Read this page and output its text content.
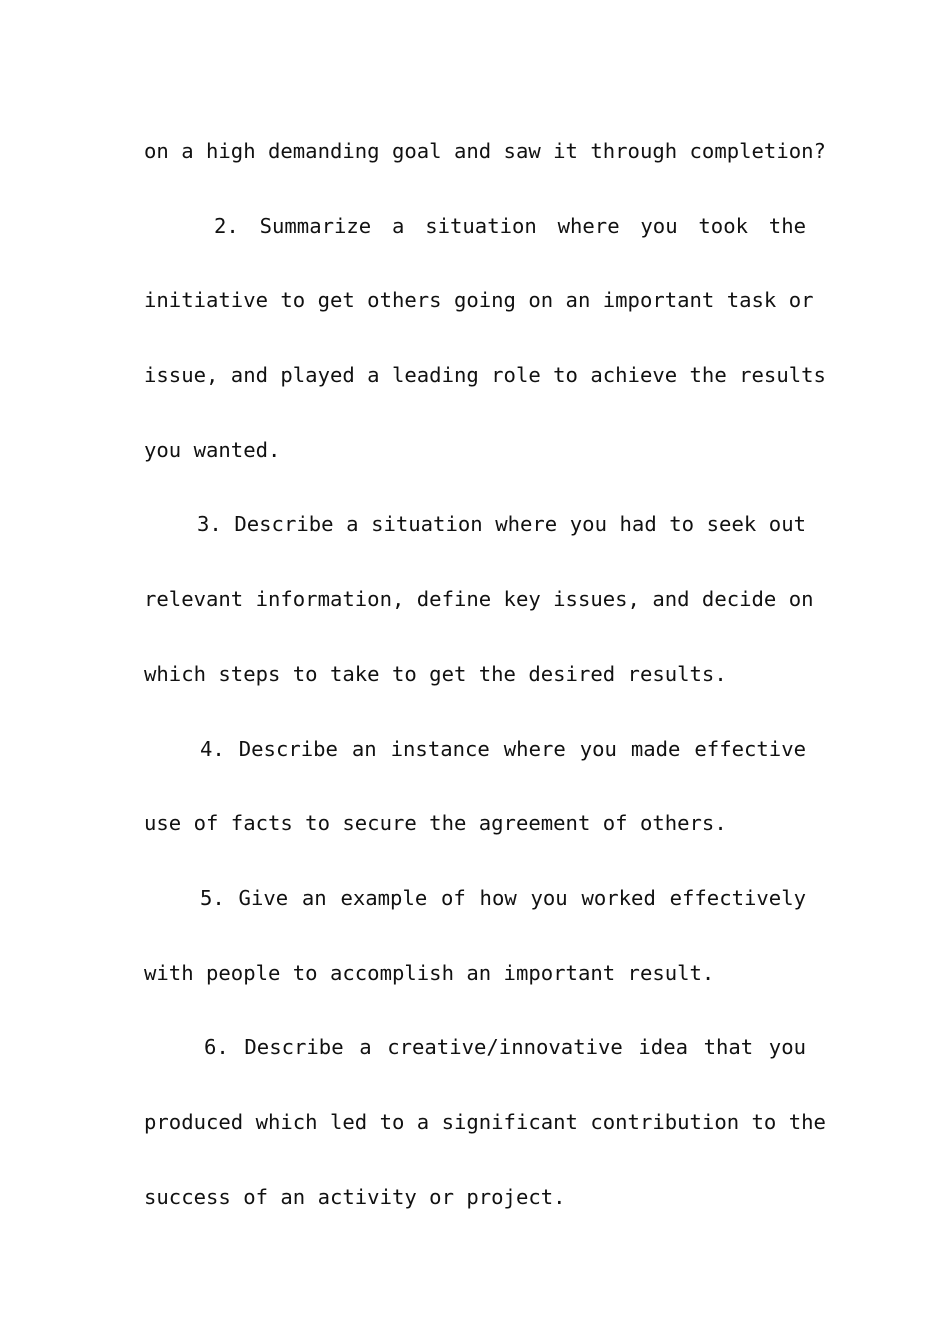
on a high demanding goal and saw it through completion?
2. Summarize a situation where you took the
initiative to get others going on an important task or
issue, and played a leading role to achieve the results
you wanted.
3. Describe a situation where you had to seek out
relevant information, define key issues, and decide on
which steps to take to get the desired results.
4. Describe an instance where you made effective
use of facts to secure the agreement of others.
5. Give an example of how you worked effectively
with people to accomplish an important result.
6. Describe a creative/innovative idea that you
produced which led to a significant contribution to the
success of an activity or project.
